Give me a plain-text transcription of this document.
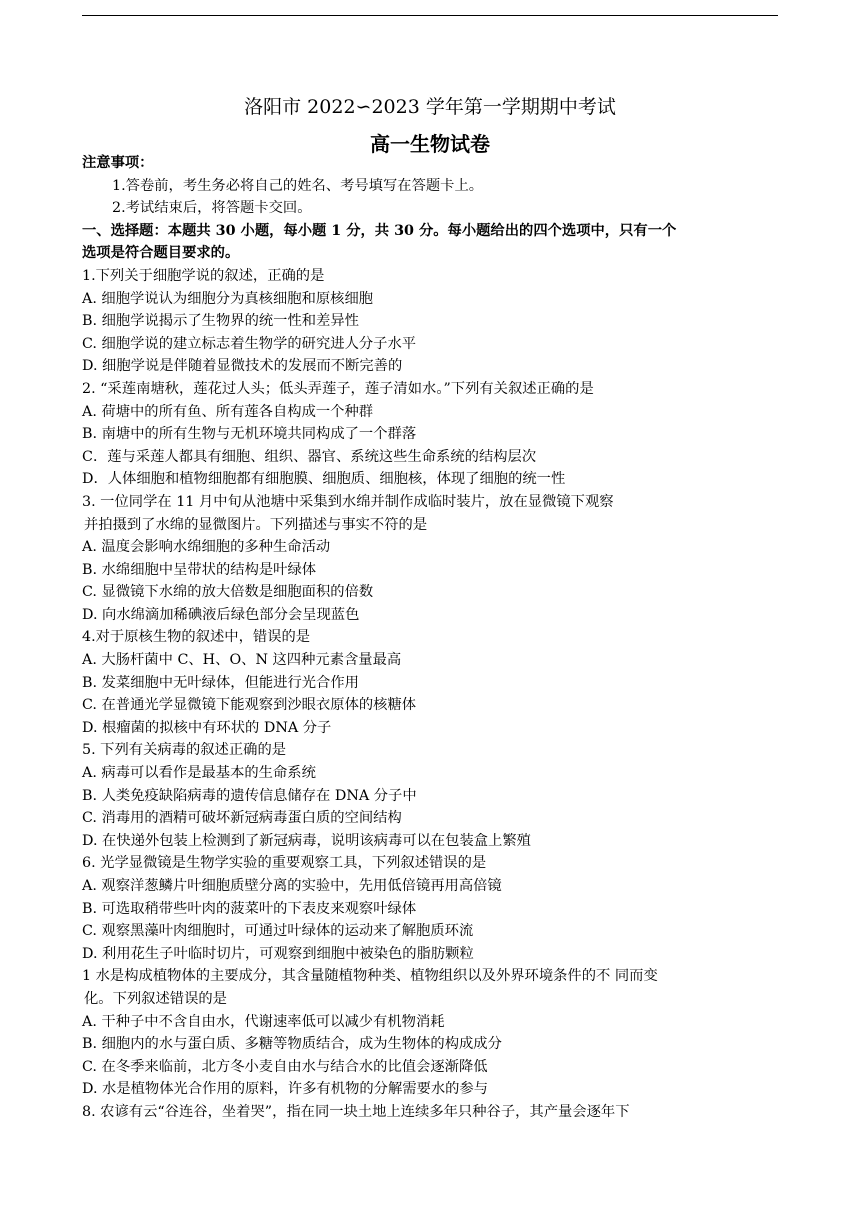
洛阳市 2022∽2023 学年第一学期期中考试
高一生物试卷
注意事项：
1.答卷前，考生务必将自己的姓名、考号填写在答题卡上。
2.考试结束后，将答题卡交回。
一、选择题：本题共 30 小题，每小题 1 分，共 30 分。每小题给出的四个选项中，只有一个
选项是符合题目要求的。
1.下列关于细胞学说的叙述，正确的是
A. 细胞学说认为细胞分为真核细胞和原核细胞
B. 细胞学说揭示了生物界的统一性和差异性
C. 细胞学说的建立标志着生物学的研究进人分子水平
D. 细胞学说是伴随着显微技术的发展而不断完善的
2. “采莲南塘秋，莲花过人头；低头弄莲子，莲子清如水。”下列有关叙述正确的是
A. 荷塘中的所有鱼、所有莲各自构成一个种群
B. 南塘中的所有生物与无机环境共同构成了一个群落
C．莲与采莲人都具有细胞、组织、器官、系统这些生命系统的结构层次
D．人体细胞和植物细胞都有细胞膜、细胞质、细胞核，体现了细胞的统一性
3. 一位同学在 11 月中旬从池塘中采集到水绵并制作成临时装片，放在显微镜下观察
并拍摄到了水绵的显微图片。下列描述与事实不符的是
A. 温度会影响水绵细胞的多种生命活动
B. 水绵细胞中呈带状的结构是叶绿体
C. 显微镜下水绵的放大倍数是细胞面积的倍数
D. 向水绵滴加稀碘液后绿色部分会呈现蓝色
4.对于原核生物的叙述中，错误的是
A. 大肠杆菌中 C、H、O、N 这四种元素含量最高
B. 发菜细胞中无叶绿体，但能进行光合作用
C. 在普通光学显微镜下能观察到沙眼衣原体的核糖体
D. 根瘤菌的拟核中有环状的 DNA 分子
5. 下列有关病毒的叙述正确的是
A. 病毒可以看作是最基本的生命系统
B. 人类免疫缺陷病毒的遗传信息储存在 DNA 分子中
C. 消毒用的酒精可破坏新冠病毒蛋白质的空间结构
D. 在快递外包装上检测到了新冠病毒，说明该病毒可以在包装盒上繁殖
6. 光学显微镜是生物学实验的重要观察工具，下列叙述错误的是
A. 观察洋葱鳞片叶细胞质壁分离的实验中，先用低倍镜再用高倍镜
B. 可选取稍带些叶肉的菠菜叶的下表皮来观察叶绿体
C. 观察黑藻叶肉细胞时，可通过叶绿体的运动来了解胞质环流
D. 利用花生子叶临时切片，可观察到细胞中被染色的脂肪颗粒
1 水是构成植物体的主要成分，其含量随植物种类、植物组织以及外界环境条件的不 同而变
化。下列叙述错误的是
A. 干种子中不含自由水，代谢速率低可以减少有机物消耗
B. 细胞内的水与蛋白质、多糖等物质结合，成为生物体的构成成分
C. 在冬季来临前，北方冬小麦自由水与结合水的比值会逐渐降低
D. 水是植物体光合作用的原料，许多有机物的分解需要水的参与
8. 农谚有云“谷连谷，坐着哭”，指在同一块土地上连续多年只种谷子，其产量会逐年下
